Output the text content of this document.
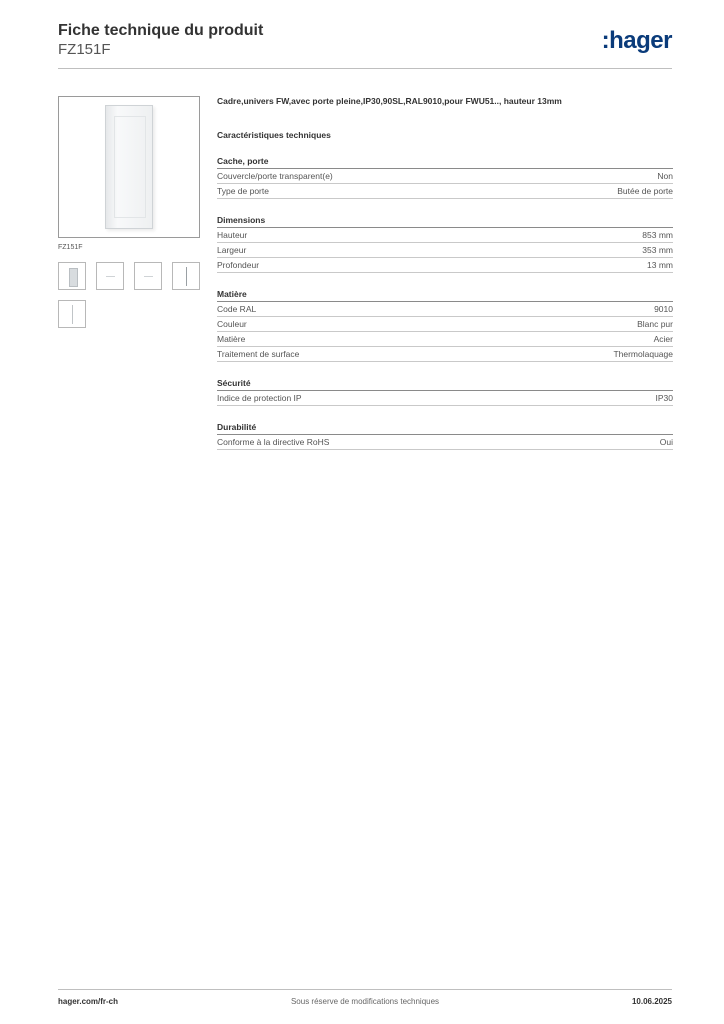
Fiche technique du produit
FZ151F	:hager
FZ151F
Cadre,univers FW,avec porte pleine,IP30,90SL,RAL9010,pour FWU51.., hauteur 13mm
Caractéristiques techniques
Cache, porte
Couvercle/porte transparent(e)	Non
Type de porte	Butée de porte
Dimensions
Hauteur	853 mm
Largeur	353 mm
Profondeur	13 mm
Matière
Code RAL	9010
Couleur	Blanc pur
Matière	Acier
Traitement de surface	Thermolaquage
Sécurité
Indice de protection IP	IP30
Durabilité
Conforme à la directive RoHS	Oui
hager.com/fr-ch	Sous réserve de modifications techniques	10.06.2025
